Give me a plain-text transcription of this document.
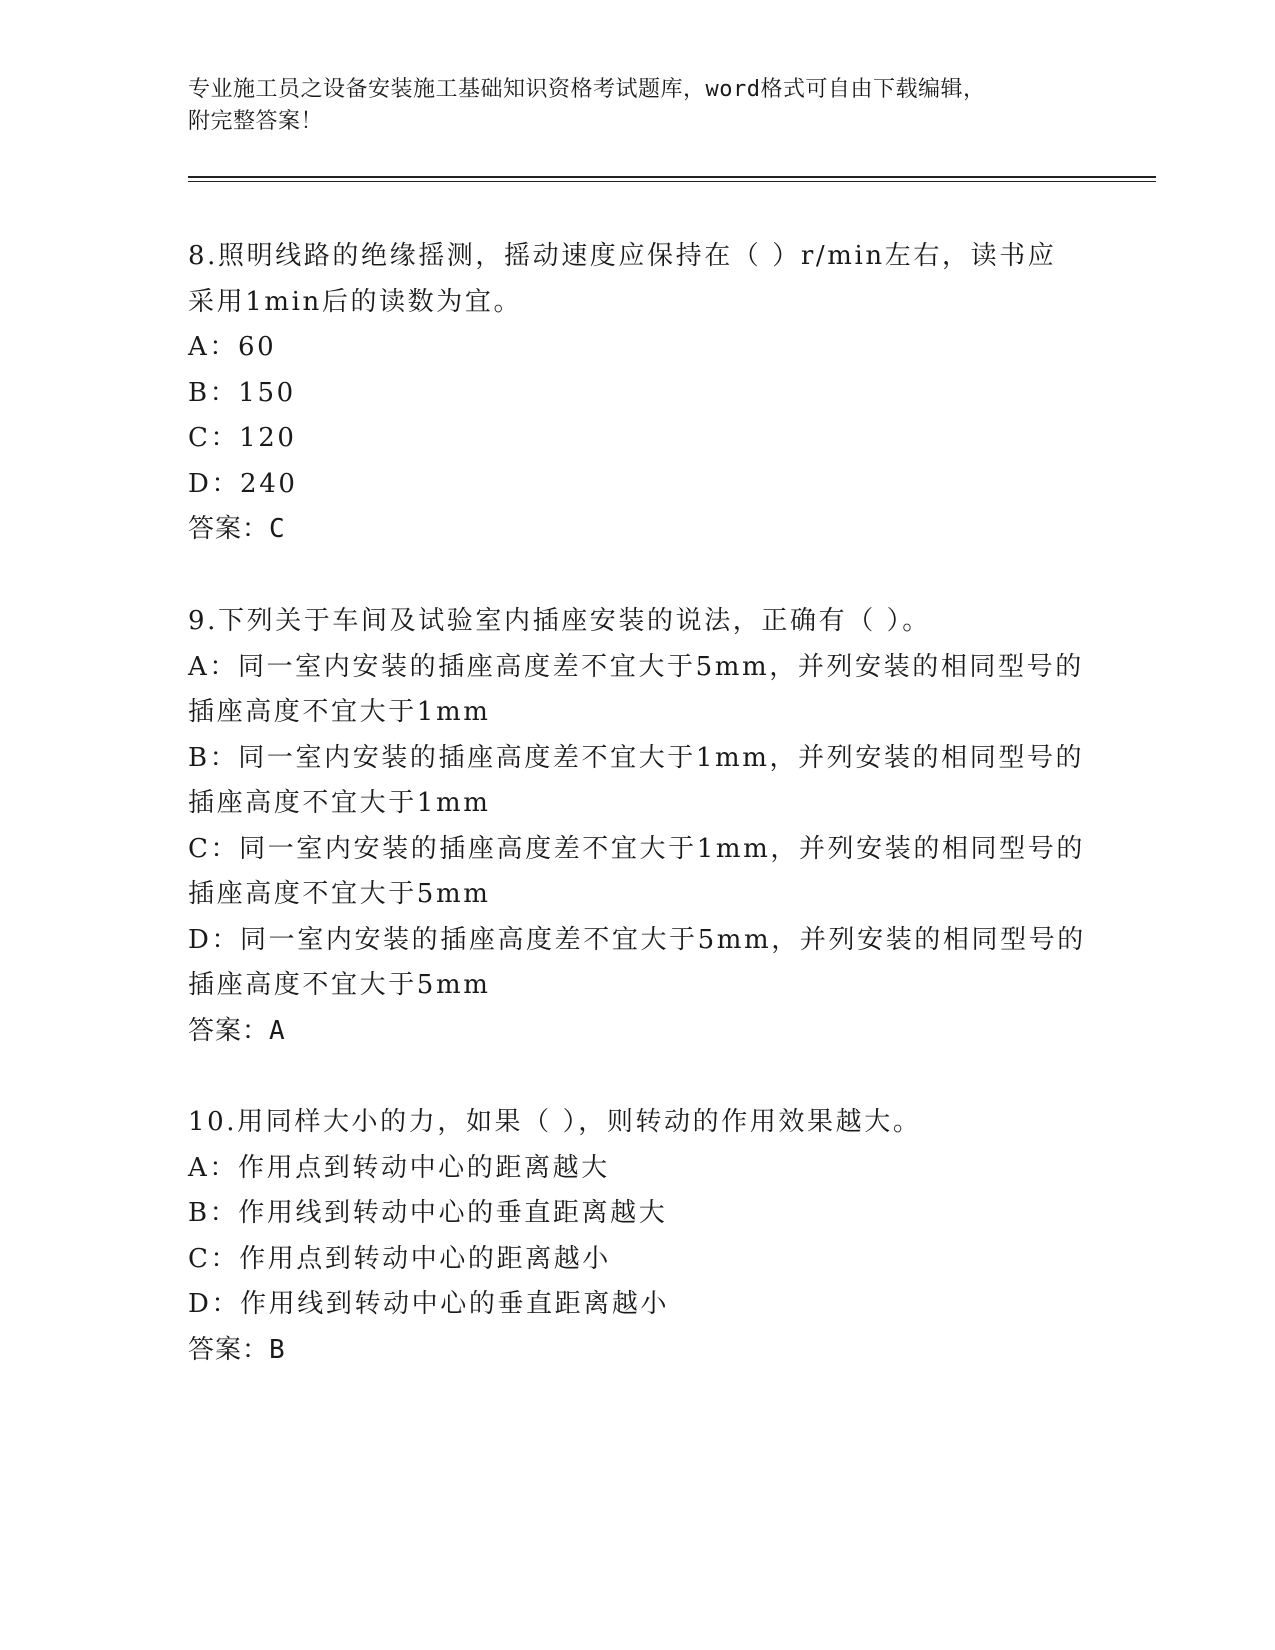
专业施工员之设备安装施工基础知识资格考试题库，word格式可自由下载编辑，
附完整答案！
8.照明线路的绝缘摇测，摇动速度应保持在（ ）r/min左右，读书应
采用1min后的读数为宜。
A：60
B：150
C：120
D：240
答案：C
9.下列关于车间及试验室内插座安装的说法，正确有（ ）。
A：同一室内安装的插座高度差不宜大于5mm，并列安装的相同型号的
插座高度不宜大于1mm
B：同一室内安装的插座高度差不宜大于1mm，并列安装的相同型号的
插座高度不宜大于1mm
C：同一室内安装的插座高度差不宜大于1mm，并列安装的相同型号的
插座高度不宜大于5mm
D：同一室内安装的插座高度差不宜大于5mm，并列安装的相同型号的
插座高度不宜大于5mm
答案：A
10.用同样大小的力，如果（ ），则转动的作用效果越大。
A：作用点到转动中心的距离越大
B：作用线到转动中心的垂直距离越大
C：作用点到转动中心的距离越小
D：作用线到转动中心的垂直距离越小
答案：B
